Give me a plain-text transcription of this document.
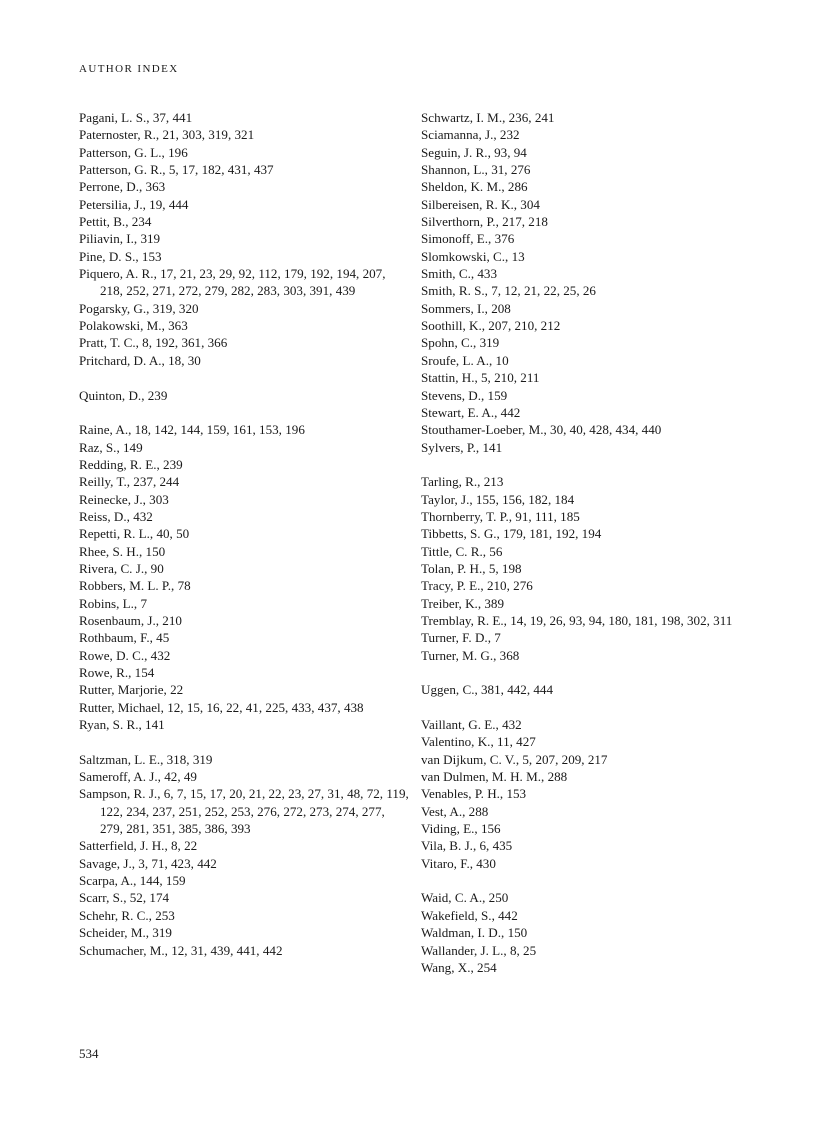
AUTHOR INDEX
Pagani, L. S., 37, 441
Paternoster, R., 21, 303, 319, 321
Patterson, G. L., 196
Patterson, G. R., 5, 17, 182, 431, 437
Perrone, D., 363
Petersilia, J., 19, 444
Pettit, B., 234
Piliavin, I., 319
Pine, D. S., 153
Piquero, A. R., 17, 21, 23, 29, 92, 112, 179, 192, 194, 207, 218, 252, 271, 272, 279, 282, 283, 303, 391, 439
Pogarsky, G., 319, 320
Polakowski, M., 363
Pratt, T. C., 8, 192, 361, 366
Pritchard, D. A., 18, 30
Quinton, D., 239
Raine, A., 18, 142, 144, 159, 161, 153, 196
Raz, S., 149
Redding, R. E., 239
Reilly, T., 237, 244
Reinecke, J., 303
Reiss, D., 432
Repetti, R. L., 40, 50
Rhee, S. H., 150
Rivera, C. J., 90
Robbers, M. L. P., 78
Robins, L., 7
Rosenbaum, J., 210
Rothbaum, F., 45
Rowe, D. C., 432
Rowe, R., 154
Rutter, Marjorie, 22
Rutter, Michael, 12, 15, 16, 22, 41, 225, 433, 437, 438
Ryan, S. R., 141
Saltzman, L. E., 318, 319
Sameroff, A. J., 42, 49
Sampson, R. J., 6, 7, 15, 17, 20, 21, 22, 23, 27, 31, 48, 72, 119, 122, 234, 237, 251, 252, 253, 276, 272, 273, 274, 277, 279, 281, 351, 385, 386, 393
Satterfield, J. H., 8, 22
Savage, J., 3, 71, 423, 442
Scarpa, A., 144, 159
Scarr, S., 52, 174
Schehr, R. C., 253
Scheider, M., 319
Schumacher, M., 12, 31, 439, 441, 442
Schwartz, I. M., 236, 241
Sciamanna, J., 232
Seguin, J. R., 93, 94
Shannon, L., 31, 276
Sheldon, K. M., 286
Silbereisen, R. K., 304
Silverthorn, P., 217, 218
Simonoff, E., 376
Slomkowski, C., 13
Smith, C., 433
Smith, R. S., 7, 12, 21, 22, 25, 26
Sommers, I., 208
Soothill, K., 207, 210, 212
Spohn, C., 319
Sroufe, L. A., 10
Stattin, H., 5, 210, 211
Stevens, D., 159
Stewart, E. A., 442
Stouthamer-Loeber, M., 30, 40, 428, 434, 440
Sylvers, P., 141
Tarling, R., 213
Taylor, J., 155, 156, 182, 184
Thornberry, T. P., 91, 111, 185
Tibbetts, S. G., 179, 181, 192, 194
Tittle, C. R., 56
Tolan, P. H., 5, 198
Tracy, P. E., 210, 276
Treiber, K., 389
Tremblay, R. E., 14, 19, 26, 93, 94, 180, 181, 198, 302, 311
Turner, F. D., 7
Turner, M. G., 368
Uggen, C., 381, 442, 444
Vaillant, G. E., 432
Valentino, K., 11, 427
van Dijkum, C. V., 5, 207, 209, 217
van Dulmen, M. H. M., 288
Venables, P. H., 153
Vest, A., 288
Viding, E., 156
Vila, B. J., 6, 435
Vitaro, F., 430
Waid, C. A., 250
Wakefield, S., 442
Waldman, I. D., 150
Wallander, J. L., 8, 25
Wang, X., 254
534
